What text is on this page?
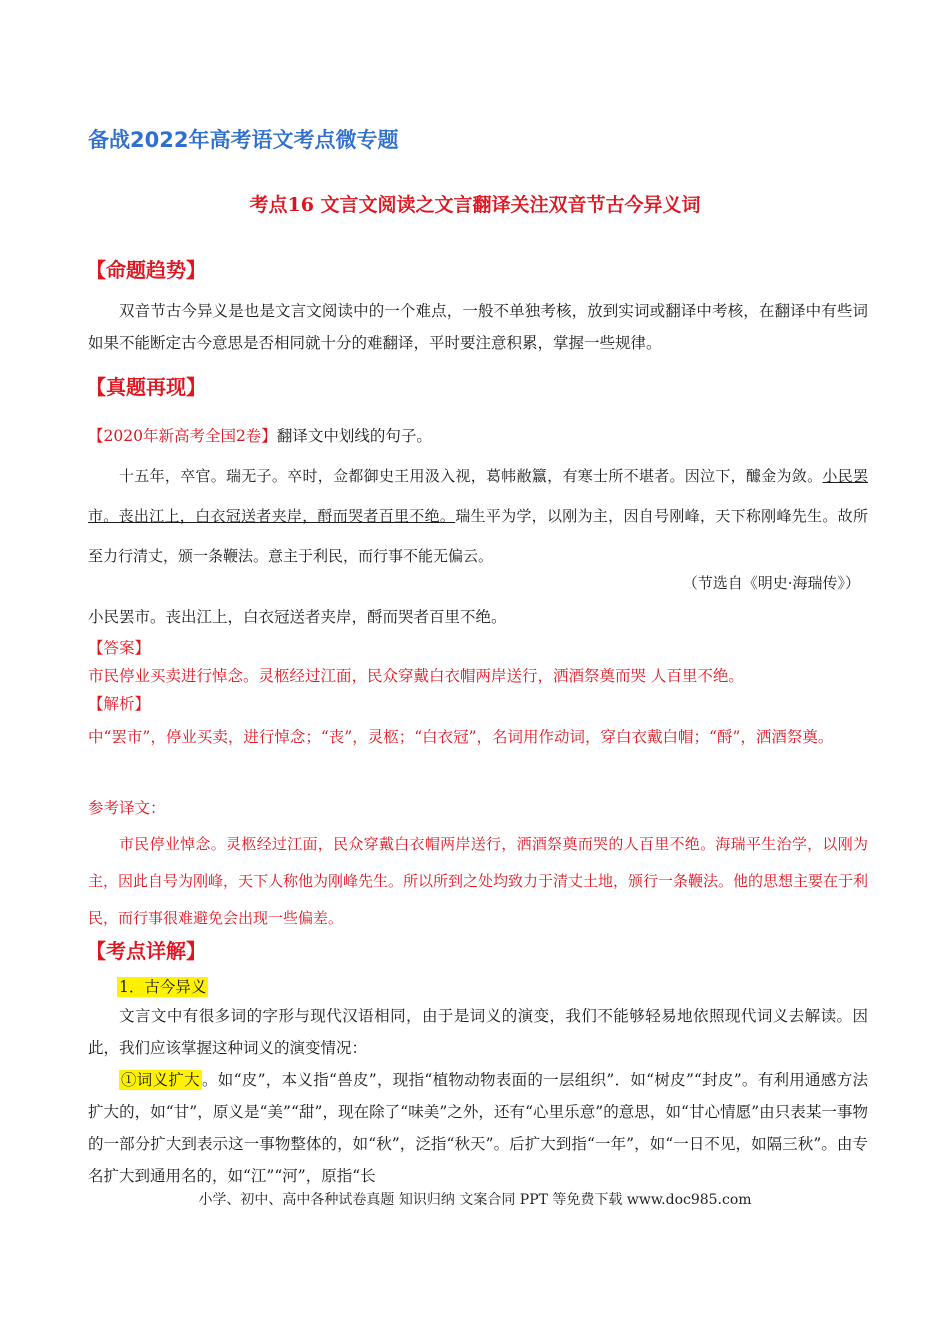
备战2022年高考语文考点微专题
考点16 文言文阅读之文言翻译关注双音节古今异义词
【命题趋势】
双音节古今异义是也是文言文阅读中的一个难点，一般不单独考核，放到实词或翻译中考核，在翻译中有些词如果不能断定古今意思是否相同就十分的难翻译，平时要注意积累，掌握一些规律。
【真题再现】
【2020年新高考全国2卷】翻译文中划线的句子。
十五年，卒官。瑞无子。卒时，佥都御史王用汲入视，葛帏敝籝，有寒士所不堪者。因泣下，醵金为敛。小民罢市。丧出江上，白衣冠送者夹岸，酹而哭者百里不绝。瑞生平为学，以刚为主，因自号刚峰，天下称刚峰先生。故所至力行清丈，颁一条鞭法。意主于利民，而行事不能无偏云。
（节选自《明史·海瑞传》）
小民罢市。丧出江上，白衣冠送者夹岸，酹而哭者百里不绝。
【答案】
市民停业买卖进行悼念。灵柩经过江面，民众穿戴白衣帽两岸送行，洒酒祭奠而哭 人百里不绝。
【解析】
中“罢市”，停业买卖，进行悼念；“丧”，灵柩；“白衣冠”，名词用作动词，穿白衣戴白帽；“酹”，洒酒祭奠。
参考译文：
市民停业悼念。灵柩经过江面，民众穿戴白衣帽两岸送行，洒酒祭奠而哭的人百里不绝。海瑞平生治学，以刚为主，因此自号为刚峰，天下人称他为刚峰先生。所以所到之处均致力于清丈土地，颁行一条鞭法。他的思想主要在于利民，而行事很难避免会出现一些偏差。
【考点详解】
1．古今异义
文言文中有很多词的字形与现代汉语相同，由于是词义的演变，我们不能够轻易地依照现代词义去解读。因此，我们应该掌握这种词义的演变情况：
①词义扩大 。如“皮”，本义指“兽皮”，现指“植物动物表面的一层组织”．如“树皮”“封皮”。有利用通感方法扩大的，如“甘”，原义是“美”“甜”，现在除了“味美”之外，还有“心里乐意”的意思，如“甘心情愿”由只表某一事物的一部分扩大到表示这一事物整体的，如“秋”，泛指“秋天”。后扩大到指“一年”，如“一日不见，如隔三秋”。由专名扩大到通用名的，如“江”“河”，原指“长
小学、初中、高中各种试卷真题 知识归纳 文案合同 PPT 等免费下载 www.doc985.com
